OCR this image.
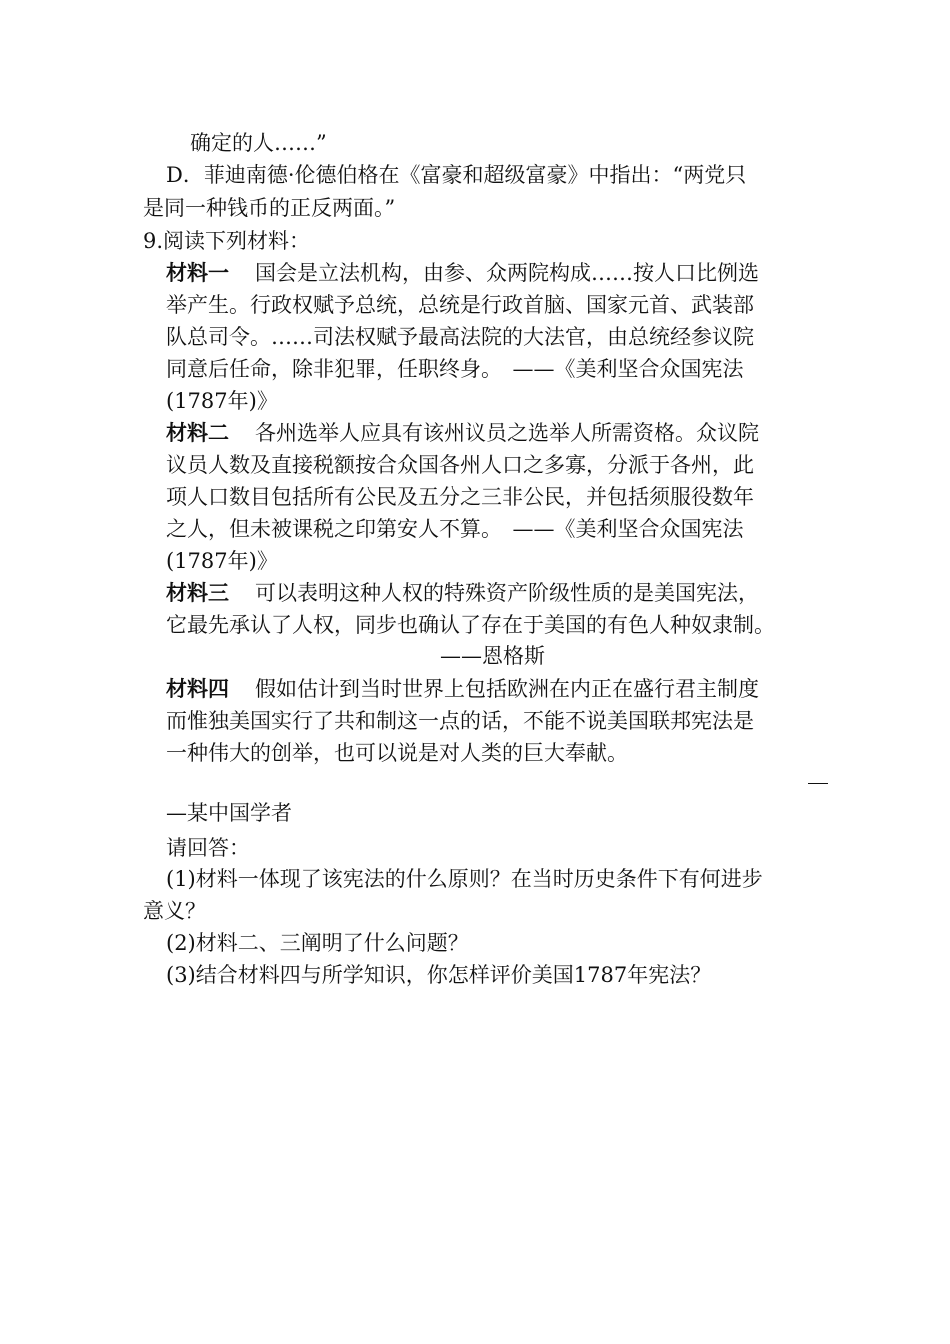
确定的人……”
D．菲迪南德·伦德伯格在《富豪和超级富豪》中指出：“两党只
是同一种钱币的正反两面。”
9.阅读下列材料：
材料一 国会是立法机构，由参、众两院构成……按人口比例选
举产生。行政权赋予总统，总统是行政首脑、国家元首、武装部
队总司令。……司法权赋予最高法院的大法官，由总统经参议院
同意后任命，除非犯罪，任职终身。　——《美利坚合众国宪法
(1787年)》
材料二 各州选举人应具有该州议员之选举人所需资格。众议院
议员人数及直接税额按合众国各州人口之多寡，分派于各州，此
项人口数目包括所有公民及五分之三非公民，并包括须服役数年
之人，但未被课税之印第安人不算。　——《美利坚合众国宪法
(1787年)》
材料三 可以表明这种人权的特殊资产阶级性质的是美国宪法，
它最先承认了人权，同步也确认了存在于美国的有色人种奴隶制。
——恩格斯
材料四 假如估计到当时世界上包括欧洲在内正在盛行君主制度
而惟独美国实行了共和制这一点的话，不能不说美国联邦宪法是
一种伟大的创举，也可以说是对人类的巨大奉献。
—某中国学者
请回答：
(1)材料一体现了该宪法的什么原则？在当时历史条件下有何进步
意义？
(2)材料二、三阐明了什么问题？
(3)结合材料四与所学知识，你怎样评价美国1787年宪法？
